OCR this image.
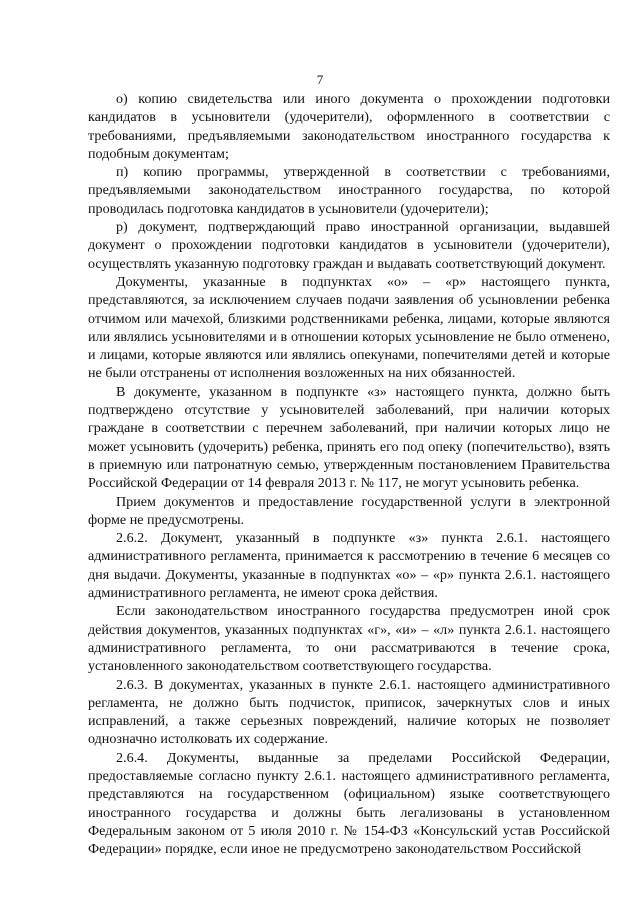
7

о) копию свидетельства или иного документа о прохождении подготовки кандидатов в усыновители (удочерители), оформленного в соответствии с требованиями, предъявляемыми законодательством иностранного государства к подобным документам;

п) копию программы, утвержденной в соответствии с требованиями, предъявляемыми законодательством иностранного государства, по которой проводилась подготовка кандидатов в усыновители (удочерители);

р) документ, подтверждающий право иностранной организации, выдавшей документ о прохождении подготовки кандидатов в усыновители (удочерители), осуществлять указанную подготовку граждан и выдавать соответствующий документ.

Документы, указанные в подпунктах «о» – «р» настоящего пункта, представляются, за исключением случаев подачи заявления об усыновлении ребенка отчимом или мачехой, близкими родственниками ребенка, лицами, которые являются или являлись усыновителями и в отношении которых усыновление не было отменено, и лицами, которые являются или являлись опекунами, попечителями детей и которые не были отстранены от исполнения возложенных на них обязанностей.

В документе, указанном в подпункте «з» настоящего пункта, должно быть подтверждено отсутствие у усыновителей заболеваний, при наличии которых граждане в соответствии с перечнем заболеваний, при наличии которых лицо не может усыновить (удочерить) ребенка, принять его под опеку (попечительство), взять в приемную или патронатную семью, утвержденным постановлением Правительства Российской Федерации от 14 февраля 2013 г. № 117, не могут усыновить ребенка.

Прием документов и предоставление государственной услуги в электронной форме не предусмотрены.

2.6.2. Документ, указанный в подпункте «з» пункта 2.6.1. настоящего административного регламента, принимается к рассмотрению в течение 6 месяцев со дня выдачи. Документы, указанные в подпунктах «о» – «р» пункта 2.6.1. настоящего административного регламента, не имеют срока действия.

Если законодательством иностранного государства предусмотрен иной срок действия документов, указанных подпунктах «г», «и» – «л» пункта 2.6.1. настоящего административного регламента, то они рассматриваются в течение срока, установленного законодательством соответствующего государства.

2.6.3. В документах, указанных в пункте 2.6.1. настоящего административного регламента, не должно быть подчисток, приписок, зачеркнутых слов и иных исправлений, а также серьезных повреждений, наличие которых не позволяет однозначно истолковать их содержание.

2.6.4. Документы, выданные за пределами Российской Федерации, предоставляемые согласно пункту 2.6.1. настоящего административного регламента, представляются на государственном (официальном) языке соответствующего иностранного государства и должны быть легализованы в установленном Федеральным законом от 5 июля 2010 г. № 154-ФЗ «Консульский устав Российской Федерации» порядке, если иное не предусмотрено законодательством Российской
